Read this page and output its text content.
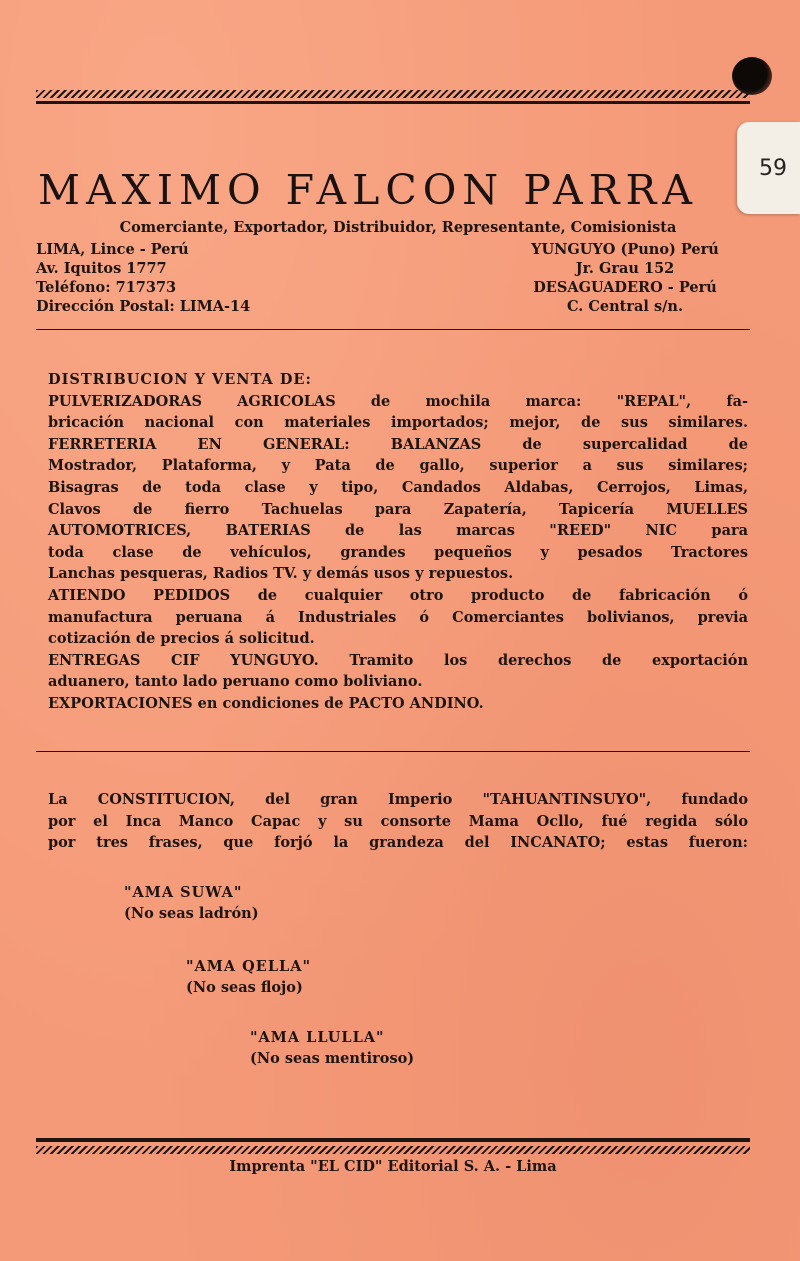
59
MAXIMO FALCON PARRA
Comerciante, Exportador, Distribuidor, Representante, Comisionista
LIMA, Lince - Perú
Av. Iquitos 1777
Teléfono: 717373
Dirección Postal: LIMA-14
YUNGUYO (Puno) Perú
Jr. Grau 152
DESAGUADERO - Perú
C. Central s/n.
DISTRIBUCION Y VENTA DE:
PULVERIZADORAS AGRICOLAS de mochila marca: "REPAL", fa-
bricación nacional con materiales importados; mejor, de sus similares.
FERRETERIA EN GENERAL: BALANZAS de supercalidad de
Mostrador, Plataforma, y Pata de gallo, superior a sus similares;
Bisagras de toda clase y tipo, Candados Aldabas, Cerrojos, Limas,
Clavos de fierro Tachuelas para Zapatería, Tapicería MUELLES
AUTOMOTRICES, BATERIAS de las marcas "REED" NIC para
toda clase de vehículos, grandes pequeños y pesados Tractores
Lanchas pesqueras, Radios TV. y demás usos y repuestos.
ATIENDO PEDIDOS de cualquier otro producto de fabricación ó
manufactura peruana á Industriales ó Comerciantes bolivianos, previa
cotización de precios á solicitud.
ENTREGAS CIF YUNGUYO. Tramito los derechos de exportación
aduanero, tanto lado peruano como boliviano.
EXPORTACIONES en condiciones de PACTO ANDINO.
La CONSTITUCION, del gran Imperio "TAHUANTINSUYO", fundado
por el Inca Manco Capac y su consorte Mama Ocllo, fué regida sólo
por tres frases, que forjó la grandeza del INCANATO; estas fueron:
"AMA SUWA"
(No seas ladrón)
"AMA QELLA"
(No seas flojo)
"AMA LLULLA"
(No seas mentiroso)
Imprenta "EL CID" Editorial S. A. - Lima
